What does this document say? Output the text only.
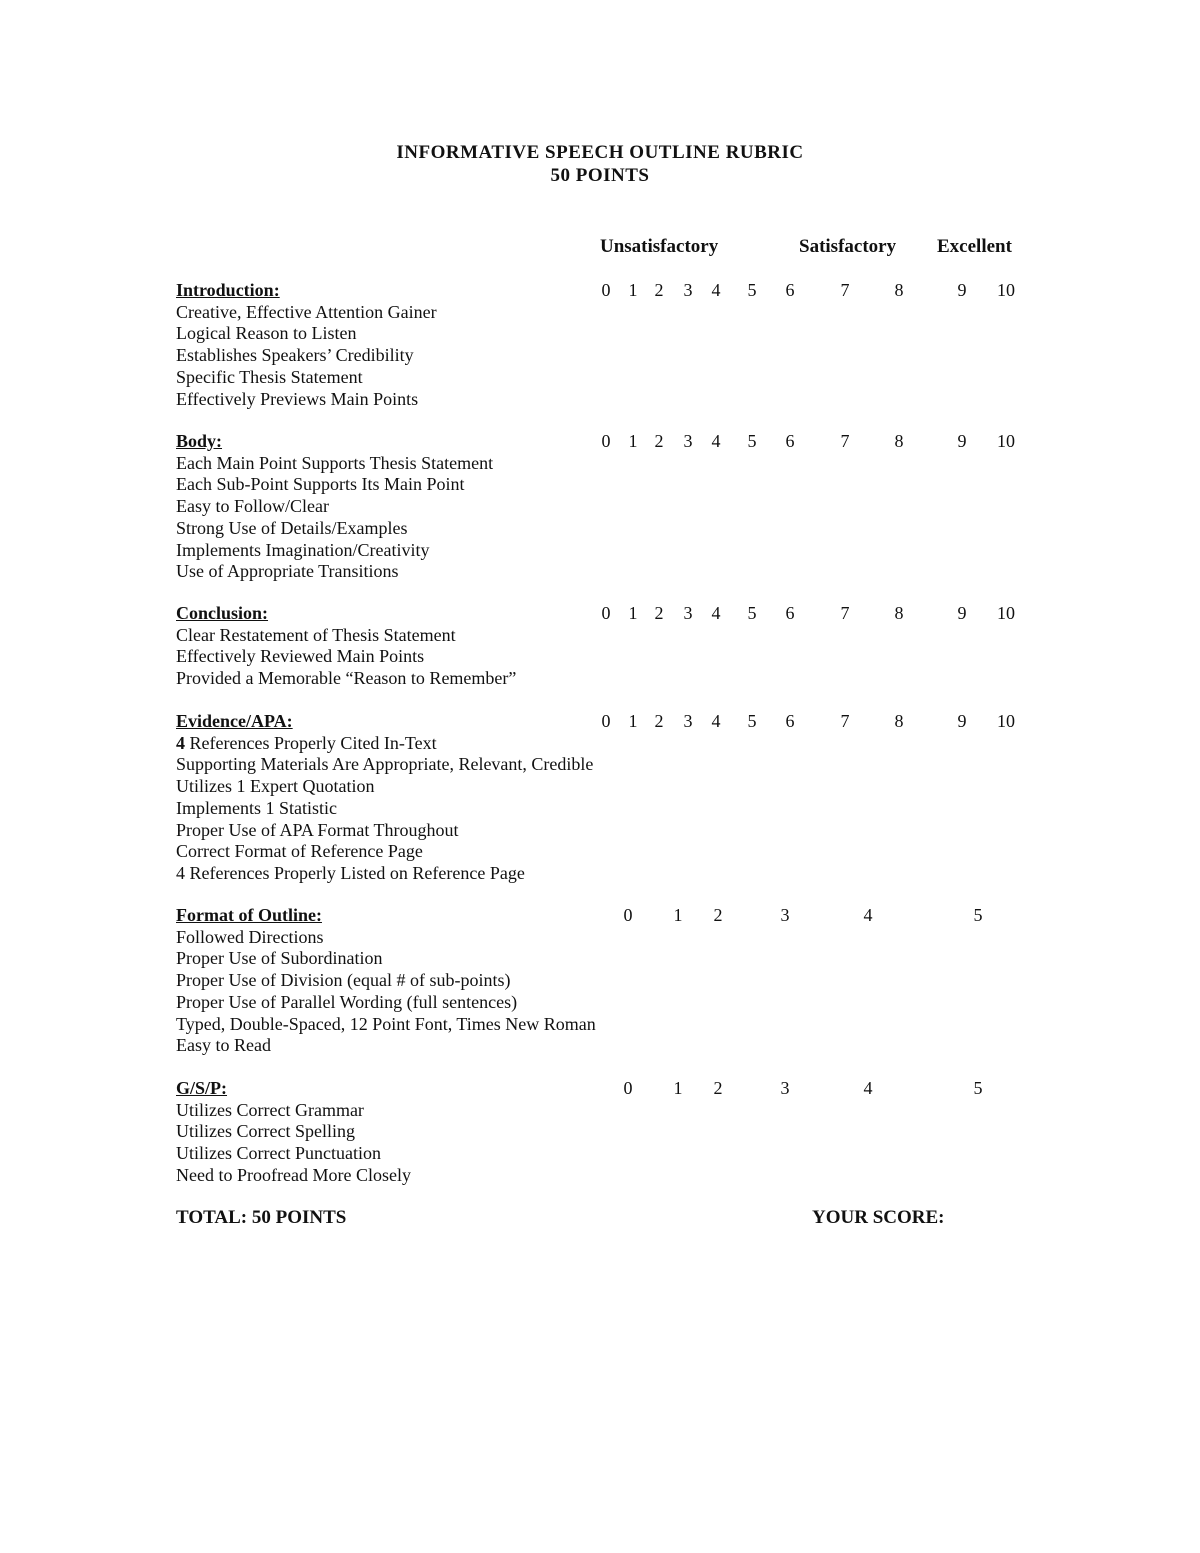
INFORMATIVE SPEECH OUTLINE RUBRIC
50 POINTS
Unsatisfactory	Satisfactory Excellent
Introduction:	0	1 2	3	4	5	6	7	8	9	10
Creative, Effective Attention Gainer
Logical Reason to Listen
Establishes Speakers’ Credibility
Specific Thesis Statement
Effectively Previews Main Points
Body:	0	1 2	3	4	5	6	7	8	9	10
Each Main Point Supports Thesis Statement
Each Sub-Point Supports Its Main Point
Easy to Follow/Clear
Strong Use of Details/Examples
Implements Imagination/Creativity
Use of Appropriate Transitions
Conclusion:	0	1 2	3	4	5	6	7	8	9	10
Clear Restatement of Thesis Statement
Effectively Reviewed Main Points
Provided a Memorable “Reason to Remember”
Evidence/APA:	0	1 2	3	4	5	6	7	8	9	10
4 References Properly Cited In-Text
Supporting Materials Are Appropriate, Relevant, Credible
Utilizes 1 Expert Quotation
Implements 1 Statistic
Proper Use of APA Format Throughout
Correct Format of Reference Page
4 References Properly Listed on Reference Page
Format of Outline:	0	1	2	3	4	5
Followed Directions
Proper Use of Subordination
Proper Use of Division (equal # of sub-points)
Proper Use of Parallel Wording (full sentences)
Typed, Double-Spaced, 12 Point Font, Times New Roman
Easy to Read
G/S/P:	0	1	2	3	4	5
Utilizes Correct Grammar
Utilizes Correct Spelling
Utilizes Correct Punctuation
Need to Proofread More Closely
TOTAL: 50 POINTS	YOUR SCORE:
